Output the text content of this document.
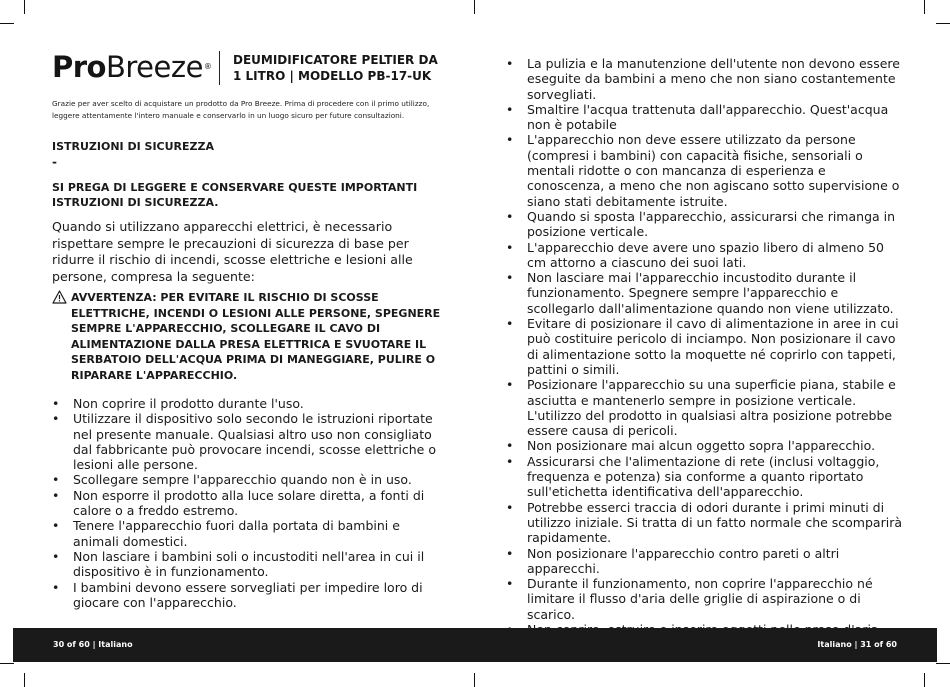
ProBreeze® DEUMIDIFICATORE PELTIER DA
1 LITRO | MODELLO PB-17-UK
Grazie per aver scelto di acquistare un prodotto da Pro Breeze. Prima di procedere con il primo utilizzo, leggere attentamente l'intero manuale e conservarlo in un luogo sicuro per future consultazioni.
ISTRUZIONI DI SICUREZZA
-
SI PREGA DI LEGGERE E CONSERVARE QUESTE IMPORTANTI ISTRUZIONI DI SICUREZZA.
Quando si utilizzano apparecchi elettrici, è necessario rispettare sempre le precauzioni di sicurezza di base per ridurre il rischio di incendi, scosse elettriche e lesioni alle persone, compresa la seguente:
AVVERTENZA: PER EVITARE IL RISCHIO DI SCOSSE ELETTRICHE, INCENDI O LESIONI ALLE PERSONE, SPEGNERE SEMPRE L'APPARECCHIO, SCOLLEGARE IL CAVO DI ALIMENTAZIONE DALLA PRESA ELETTRICA E SVUOTARE IL SERBATOIO DELL'ACQUA PRIMA DI MANEGGIARE, PULIRE O RIPARARE L'APPARECCHIO.
• Non coprire il prodotto durante l'uso.
• Utilizzare il dispositivo solo secondo le istruzioni riportate nel presente manuale. Qualsiasi altro uso non consigliato dal fabbricante può provocare incendi, scosse elettriche o lesioni alle persone.
• Scollegare sempre l'apparecchio quando non è in uso.
• Non esporre il prodotto alla luce solare diretta, a fonti di calore o a freddo estremo.
• Tenere l'apparecchio fuori dalla portata di bambini e animali domestici.
• Non lasciare i bambini soli o incustoditi nell'area in cui il dispositivo è in funzionamento.
• I bambini devono essere sorvegliati per impedire loro di giocare con l'apparecchio.
• La pulizia e la manutenzione dell'utente non devono essere eseguite da bambini a meno che non siano costantemente sorvegliati.
• Smaltire l'acqua trattenuta dall'apparecchio. Quest'acqua non è potabile
• L'apparecchio non deve essere utilizzato da persone (compresi i bambini) con capacità fisiche, sensoriali o mentali ridotte o con mancanza di esperienza e conoscenza, a meno che non agiscano sotto supervisione o siano stati debitamente istruite.
• Quando si sposta l'apparecchio, assicurarsi che rimanga in posizione verticale.
• L'apparecchio deve avere uno spazio libero di almeno 50 cm attorno a ciascuno dei suoi lati.
• Non lasciare mai l'apparecchio incustodito durante il funzionamento. Spegnere sempre l'apparecchio e scollegarlo dall'alimentazione quando non viene utilizzato.
• Evitare di posizionare il cavo di alimentazione in aree in cui può costituire pericolo di inciampo. Non posizionare il cavo di alimentazione sotto la moquette né coprirlo con tappeti, pattini o simili.
• Posizionare l'apparecchio su una superficie piana, stabile e asciutta e mantenerlo sempre in posizione verticale. L'utilizzo del prodotto in qualsiasi altra posizione potrebbe essere causa di pericoli.
• Non posizionare mai alcun oggetto sopra l'apparecchio.
• Assicurarsi che l'alimentazione di rete (inclusi voltaggio, frequenza e potenza) sia conforme a quanto riportato sull'etichetta identificativa dell'apparecchio.
• Potrebbe esserci traccia di odori durante i primi minuti di utilizzo iniziale. Si tratta di un fatto normale che scomparirà rapidamente.
• Non posizionare l'apparecchio contro pareti o altri apparecchi.
• Durante il funzionamento, non coprire l'apparecchio né limitare il flusso d'aria delle griglie di aspirazione o di scarico.
30 of 60 | Italiano	Italiano | 31 of 60
